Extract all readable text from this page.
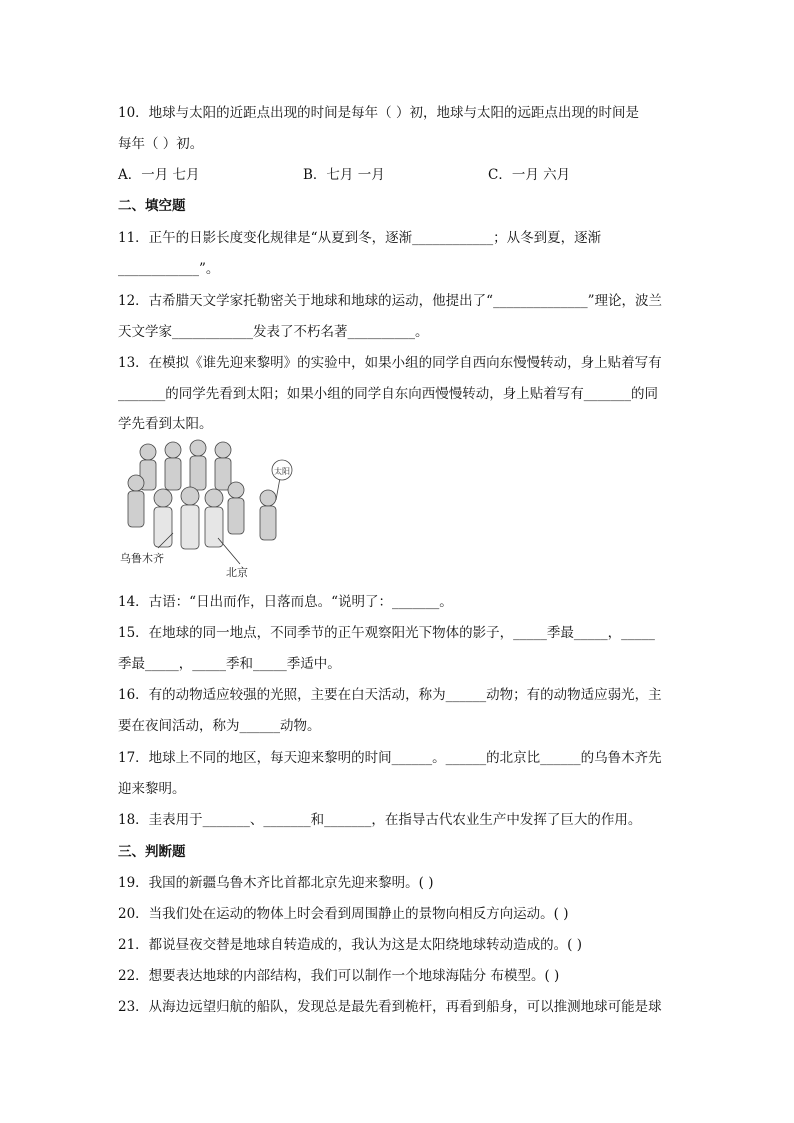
10．地球与太阳的近距点出现的时间是每年（ ）初，地球与太阳的远距点出现的时间是
每年（ ）初。
A．一月 七月	B．七月 一月	C．一月 六月
二、填空题
11．正午的日影长度变化规律是“从夏到冬，逐渐____________；从冬到夏，逐渐
____________”。
12．古希腊天文学家托勒密关于地球和地球的运动，他提出了“______________”理论，波兰
天文学家____________发表了不朽名著__________。
13．在模拟《谁先迎来黎明》的实验中，如果小组的同学自西向东慢慢转动，身上贴着写有
_______的同学先看到太阳；如果小组的同学自东向西慢慢转动，身上贴着写有_______的同
学先看到太阳。
太阳
乌鲁木齐
北京
14．古语：“日出而作，日落而息。“说明了：_______。
15．在地球的同一地点，不同季节的正午观察阳光下物体的影子，_____季最_____，_____
季最_____，_____季和_____季适中。
16．有的动物适应较强的光照，主要在白天活动，称为______动物；有的动物适应弱光，主
要在夜间活动，称为______动物。
17．地球上不同的地区，每天迎来黎明的时间______。______的北京比______的乌鲁木齐先
迎来黎明。
18．圭表用于_______、_______和_______，在指导古代农业生产中发挥了巨大的作用。
三、判断题
19．我国的新疆乌鲁木齐比首都北京先迎来黎明。( )
20．当我们处在运动的物体上时会看到周围静止的景物向相反方向运动。( )
21．都说昼夜交替是地球自转造成的，我认为这是太阳绕地球转动造成的。( )
22．想要表达地球的内部结构，我们可以制作一个地球海陆分 布模型。( )
23．从海边远望归航的船队，发现总是最先看到桅杆，再看到船身，可以推测地球可能是球
